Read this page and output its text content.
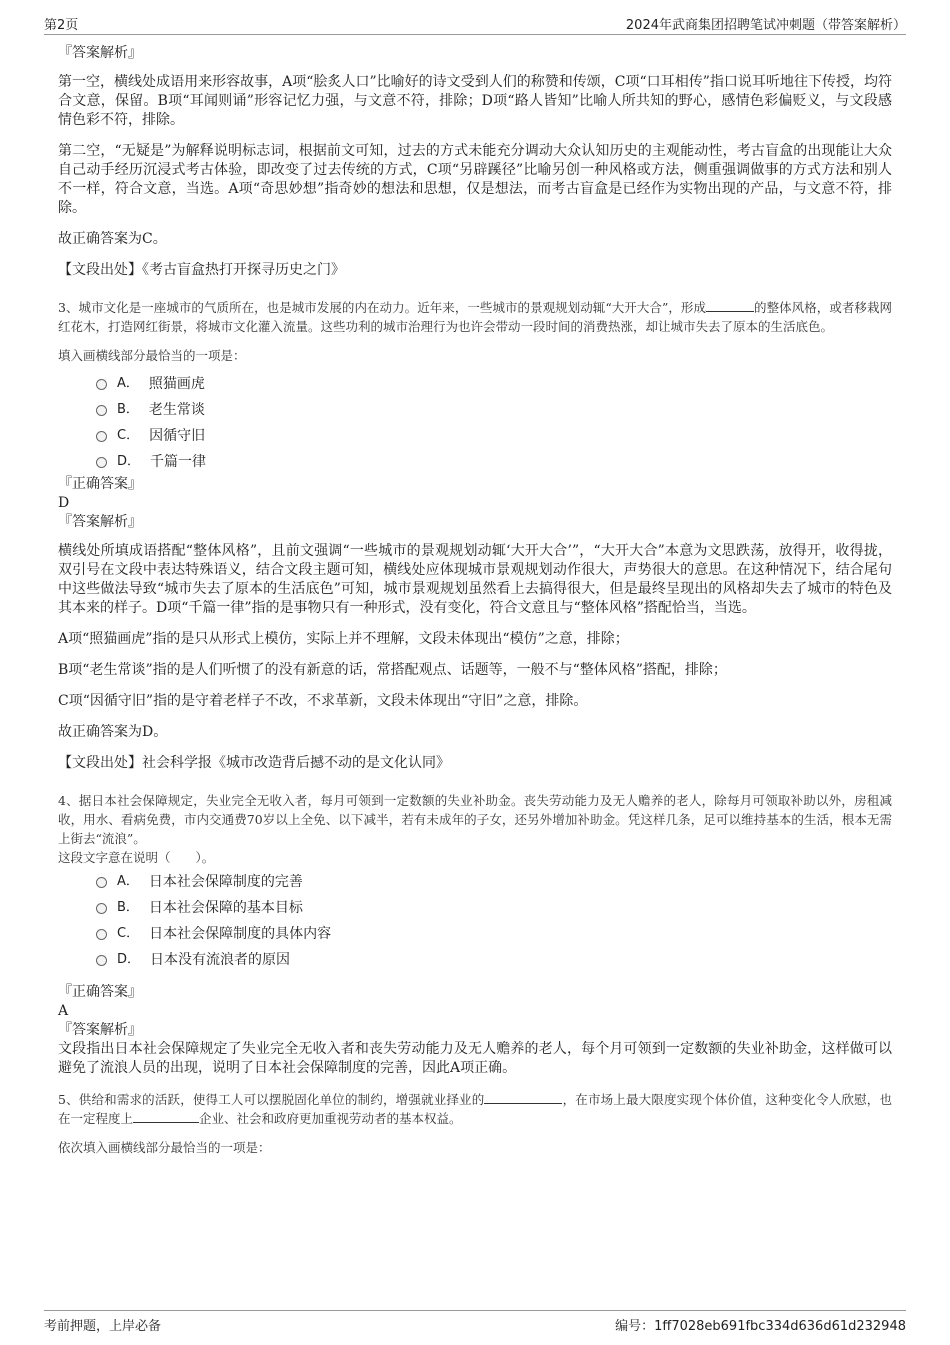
第2页	2024年武商集团招聘笔试冲刺题（带答案解析）

『答案解析』

第一空，横线处成语用来形容故事，A项“脍炙人口”比喻好的诗文受到人们的称赞和传颂，C项“口耳相传”指口说耳听地往下传授，均符合文意，保留。B项“耳闻则诵”形容记忆力强，与文意不符，排除；D项“路人皆知”比喻人所共知的野心，感情色彩偏贬义，与文段感情色彩不符，排除。

第二空，“无疑是”为解释说明标志词，根据前文可知，过去的方式未能充分调动大众认知历史的主观能动性，考古盲盒的出现能让大众自己动手经历沉浸式考古体验，即改变了过去传统的方式，C项“另辟蹊径”比喻另创一种风格或方法，侧重强调做事的方式方法和别人不一样，符合文意，当选。A项“奇思妙想”指奇妙的想法和思想，仅是想法，而考古盲盒是已经作为实物出现的产品，与文意不符，排除。

故正确答案为C。

【文段出处】《考古盲盒热打开探寻历史之门》

3、城市文化是一座城市的气质所在，也是城市发展的内在动力。近年来，一些城市的景观规划动辄“大开大合”，形成	的整体风格，或者移栽网红花木，打造网红街景，将城市文化灌入流量。这些功利的城市治理行为也许会带动一段时间的消费热涨，却让城市失去了原本的生活底色。

填入画横线部分最恰当的一项是：

A． 照猫画虎
B． 老生常谈
C． 因循守旧
D． 千篇一律

『正确答案』

D

『答案解析』

横线处所填成语搭配“整体风格”，且前文强调“一些城市的景观规划动辄‘大开大合’”，“大开大合”本意为文思跌荡，放得开，收得拢，双引号在文段中表达特殊语义，结合文段主题可知，横线处应体现城市景观规划动作很大，声势很大的意思。在这种情况下，结合尾句中这些做法导致“城市失去了原本的生活底色”可知，城市景观规划虽然看上去搞得很大，但是最终呈现出的风格却失去了城市的特色及其本来的样子。D项“千篇一律”指的是事物只有一种形式，没有变化，符合文意且与“整体风格”搭配恰当，当选。

A项“照猫画虎”指的是只从形式上模仿，实际上并不理解，文段未体现出“模仿”之意，排除；

B项“老生常谈”指的是人们听惯了的没有新意的话，常搭配观点、话题等，一般不与“整体风格”搭配，排除；

C项“因循守旧”指的是守着老样子不改，不求革新，文段未体现出“守旧”之意，排除。

故正确答案为D。

【文段出处】社会科学报《城市改造背后撼不动的是文化认同》

4、据日本社会保障规定，失业完全无收入者，每月可领到一定数额的失业补助金。丧失劳动能力及无人赡养的老人，除每月可领取补助以外，房租减收，用水、看病免费，市内交通费70岁以上全免、以下减半，若有未成年的子女，还另外增加补助金。凭这样几条，足可以维持基本的生活，根本无需上街去“流浪”。

这段文字意在说明（　　）。

A． 日本社会保障制度的完善
B． 日本社会保障的基本目标
C． 日本社会保障制度的具体内容
D． 日本没有流浪者的原因

『正确答案』

A

『答案解析』

文段指出日本社会保障规定了失业完全无收入者和丧失劳动能力及无人赡养的老人，每个月可领到一定数额的失业补助金，这样做可以避免了流浪人员的出现，说明了日本社会保障制度的完善，因此A项正确。

5、供给和需求的活跃，使得工人可以摆脱固化单位的制约，增强就业择业的	，在市场上最大限度实现个体价值，这种变化令人欣慰，也在一定程度上	企业、社会和政府更加重视劳动者的基本权益。

依次填入画横线部分最恰当的一项是：

考前押题，上岸必备	编号：1ff7028eb691fbc334d636d61d232948
